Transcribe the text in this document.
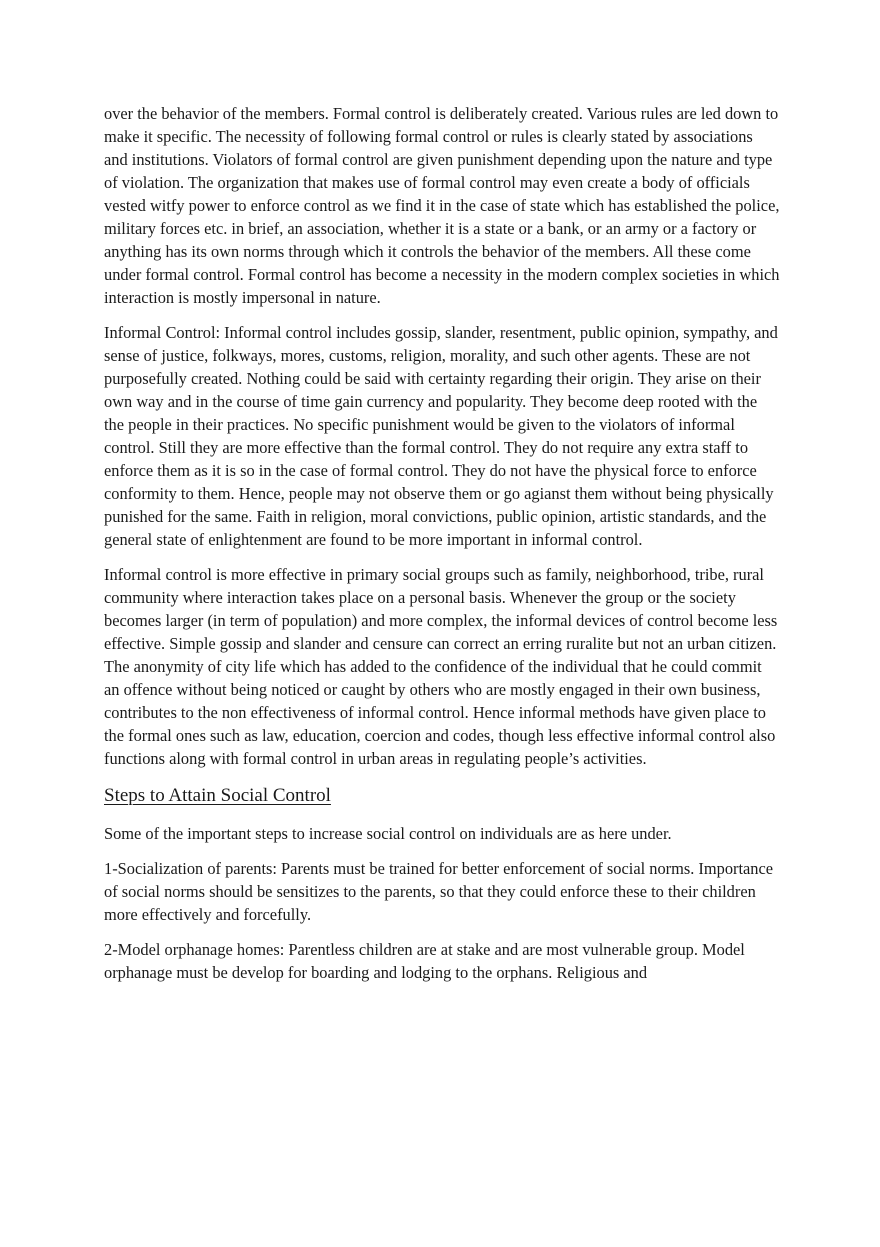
over the behavior of the members. Formal control is deliberately created. Various rules are led down to make it specific. The necessity of following formal control or rules is clearly stated by associations and institutions. Violators of formal control are given punishment depending upon the nature and type of violation. The organization that makes use of formal control may even create a body of officials vested witfy power to enforce control as we find it in the case of state which has established the police, military forces etc. in brief, an association, whether it is a state or a bank, or an army or a factory or anything has its own norms through which it controls the behavior of the members. All these come under formal control. Formal control has become a necessity in the modern complex societies in which interaction is mostly impersonal in nature.

Informal Control: Informal control includes gossip, slander, resentment, public opinion, sympathy, and sense of justice, folkways, mores, customs, religion, morality, and such other agents. These are not purposefully created. Nothing could be said with certainty regarding their origin. They arise on their own way and in the course of time gain currency and popularity. They become deep rooted with the the people in their practices. No specific punishment would be given to the violators of informal control. Still they are more effective than the formal control. They do not require any extra staff to enforce them as it is so in the case of formal control. They do not have the physical force to enforce conformity to them. Hence, people may not observe them or go agianst them without being physically punished for the same. Faith in religion, moral convictions, public opinion, artistic standards, and the general state of enlightenment are found to be more important in informal control.

Informal control is more effective in primary social groups such as family, neighborhood, tribe, rural community where interaction takes place on a personal basis. Whenever the group or the society becomes larger (in term of population) and more complex, the informal devices of control become less effective. Simple gossip and slander and censure can correct an erring ruralite but not an urban citizen. The anonymity of city life which has added to the confidence of the individual that he could commit an offence without being noticed or caught by others who are mostly engaged in their own business, contributes to the non effectiveness of informal control. Hence informal methods have given place to the formal ones such as law, education, coercion and codes, though less effective informal control also functions along with formal control in urban areas in regulating people’s activities.

Steps to Attain Social Control

Some of the important steps to increase social control on individuals are as here under.

1-Socialization of parents: Parents must be trained for better enforcement of social norms. Importance of social norms should be sensitizes to the parents, so that they could enforce these to their children more effectively and forcefully.

2-Model orphanage homes: Parentless children are at stake and are most vulnerable group. Model orphanage must be develop for boarding and lodging to the orphans. Religious and
